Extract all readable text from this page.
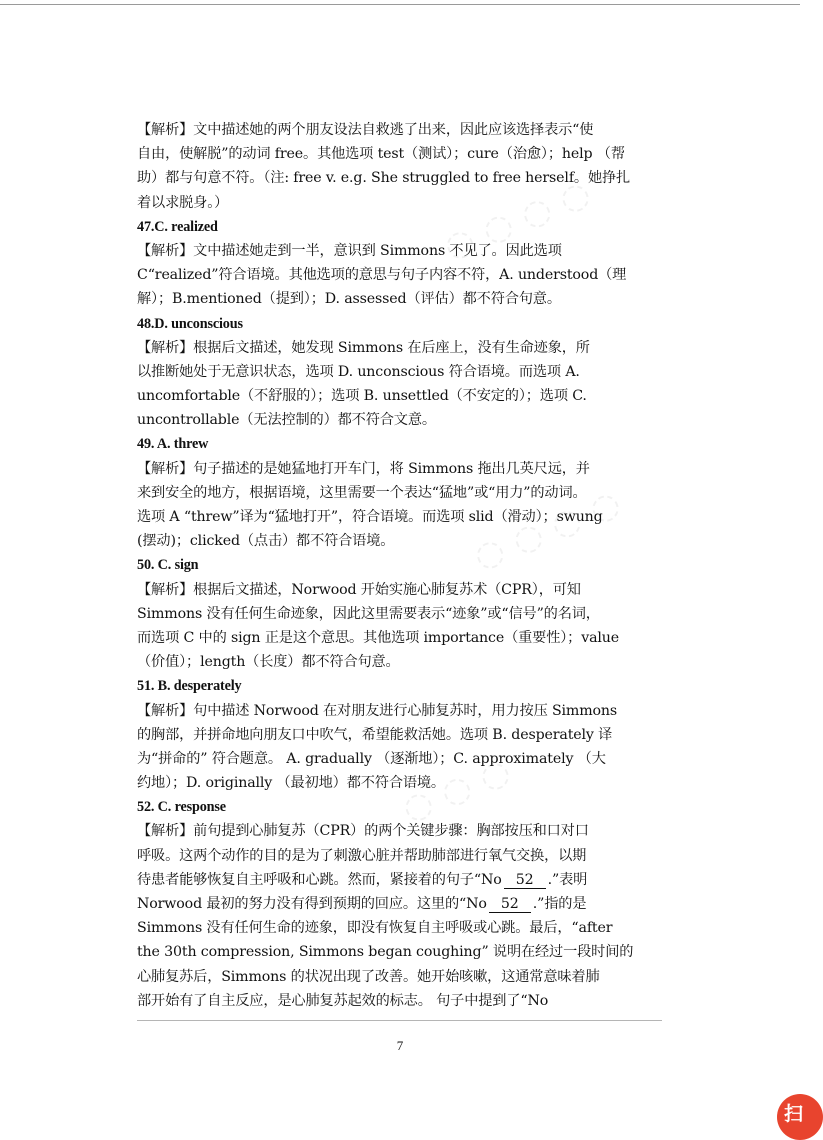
◌ ◌ ◌ ◌
◌ ◌ ◌ ◌
◌ ◌ ◌
【解析】文中描述她的两个朋友设法自救逃了出来，因此应该选择表示“使
自由，使解脱”的动词 free。其他选项 test（测试）；cure（治愈）；help （帮
助）都与句意不符。（注: free v. e.g. She struggled to free herself。她挣扎
着以求脱身。）
47.C. realized
【解析】文中描述她走到一半，意识到 Simmons 不见了。因此选项
C“realized”符合语境。其他选项的意思与句子内容不符，A. understood（理
解）；B.mentioned（提到）；D. assessed（评估）都不符合句意。
48.D. unconscious
【解析】根据后文描述，她发现 Simmons 在后座上，没有生命迹象，所
以推断她处于无意识状态，选项 D. unconscious 符合语境。而选项 A.
uncomfortable（不舒服的）；选项 B. unsettled（不安定的）；选项 C.
uncontrollable（无法控制的）都不符合文意。
49. A. threw
【解析】句子描述的是她猛地打开车门，将 Simmons 拖出几英尺远，并
来到安全的地方，根据语境，这里需要一个表达“猛地”或“用力”的动词。
选项 A “threw”译为“猛地打开”，符合语境。而选项 slid（滑动）；swung
(摆动)；clicked（点击）都不符合语境。
50. C. sign
【解析】根据后文描述，Norwood 开始实施心肺复苏术（CPR），可知
Simmons 没有任何生命迹象，因此这里需要表示“迹象”或“信号”的名词，
而选项 C 中的 sign 正是这个意思。其他选项 importance（重要性）；value
（价值）；length（长度）都不符合句意。
51. B. desperately
【解析】句中描述 Norwood 在对朋友进行心肺复苏时，用力按压 Simmons
的胸部，并拼命地向朋友口中吹气，希望能救活她。选项 B. desperately 译
为“拼命的” 符合题意。 A. gradually （逐渐地）；C. approximately （大
约地）；D. originally （最初地）都不符合语境。
52. C. response
【解析】前句提到心肺复苏（CPR）的两个关键步骤：胸部按压和口对口
呼吸。这两个动作的目的是为了刺激心脏并帮助肺部进行氧气交换，以期
待患者能够恢复自主呼吸和心跳。然而，紧接着的句子“No 52 .”表明
Norwood 最初的努力没有得到预期的回应。这里的“No 52 .”指的是
Simmons 没有任何生命的迹象，即没有恢复自主呼吸或心跳。最后，“after
the 30th compression, Simmons began coughing” 说明在经过一段时间的
心肺复苏后，Simmons 的状况出现了改善。她开始咳嗽，这通常意味着肺
部开始有了自主反应，是心肺复苏起效的标志。 句子中提到了“No
7
扫
